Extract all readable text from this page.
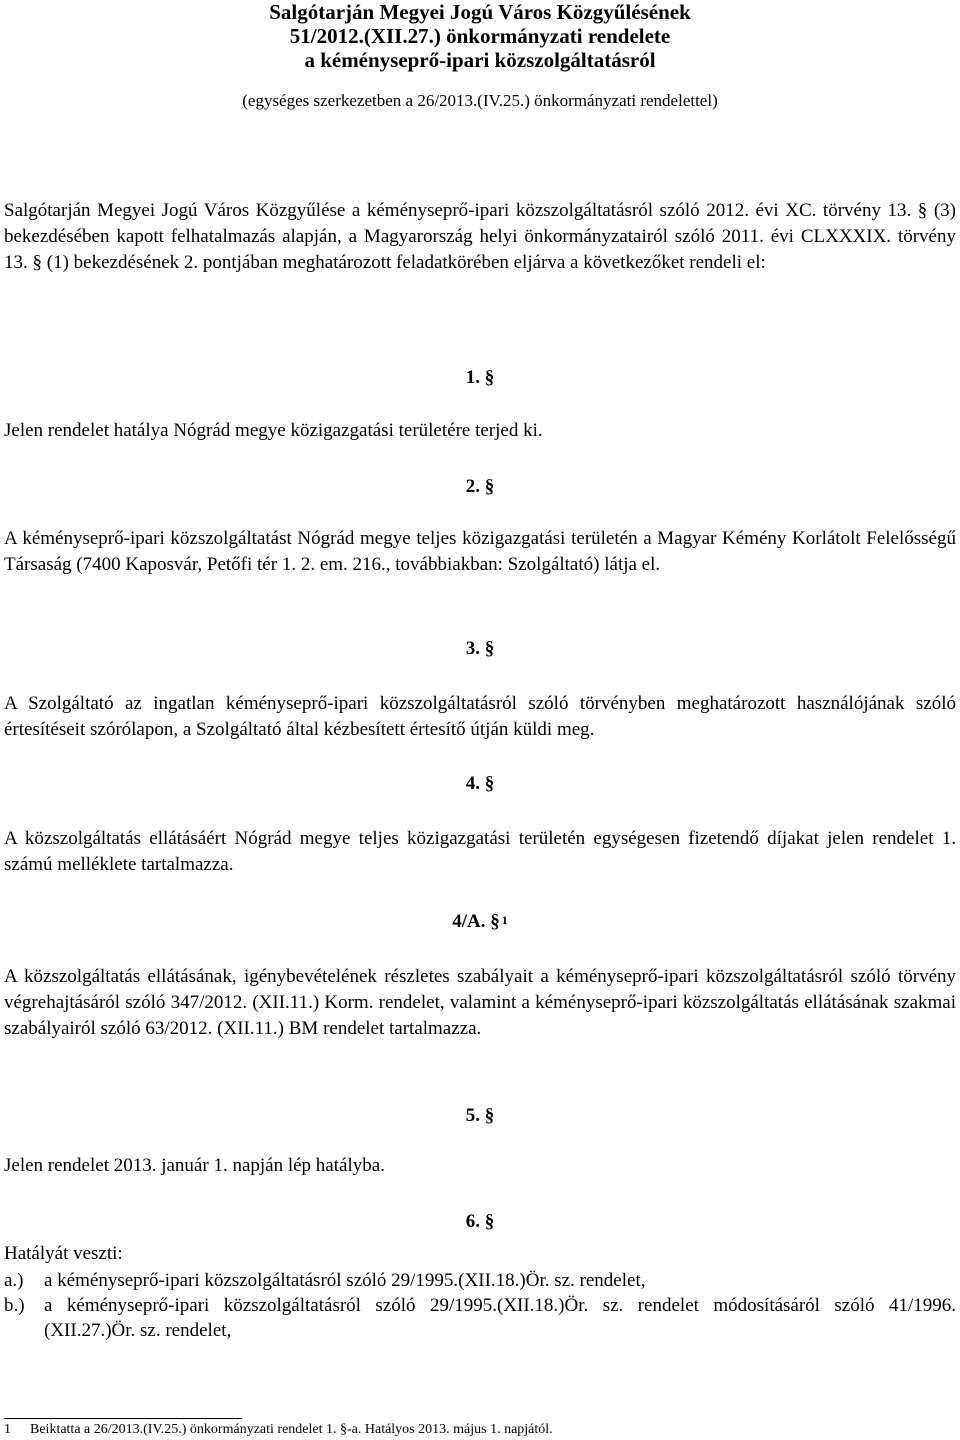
Salgótarján Megyei Jogú Város Közgyűlésének

51/2012.(XII.27.) önkormányzati rendelete

a kéményseprő-ipari közszolgáltatásról

(egységes szerkezetben a 26/2013.(IV.25.) önkormányzati rendelettel)

Salgótarján Megyei Jogú Város Közgyűlése a kéményseprő-ipari közszolgáltatásról szóló 2012. évi XC. törvény 13. § (3) bekezdésében kapott felhatalmazás alapján, a Magyarország helyi önkormányzatairól szóló 2011. évi CLXXXIX. törvény 13. § (1) bekezdésének 2. pontjában meghatározott feladatkörében eljárva a következőket rendeli el:

1. §

Jelen rendelet hatálya Nógrád megye közigazgatási területére terjed ki.

2. §

A kéményseprő-ipari közszolgáltatást Nógrád megye teljes közigazgatási területén a Magyar Kémény Korlátolt Felelősségű Társaság (7400 Kaposvár, Petőfi tér 1. 2. em. 216., továbbiakban: Szolgáltató) látja el.

3. §

A Szolgáltató az ingatlan kéményseprő-ipari közszolgáltatásról szóló törvényben meghatározott használójának szóló értesítéseit szórólapon, a Szolgáltató által kézbesített értesítő útján küldi meg.

4. §

A közszolgáltatás ellátásáért Nógrád megye teljes közigazgatási területén egységesen fizetendő díjakat jelen rendelet 1. számú melléklete tartalmazza.

4/A. § $^1$

A közszolgáltatás ellátásának, igénybevételének részletes szabályait a kéményseprő-ipari közszolgáltatásról szóló törvény végrehajtásáról szóló 347/2012. (XII.11.) Korm. rendelet, valamint a kéményseprő-ipari közszolgáltatás ellátásának szakmai szabályairól szóló 63/2012. (XII.11.) BM rendelet tartalmazza.

5. §

Jelen rendelet 2013. január 1. napján lép hatályba.

6. §

Hatályát veszti:

a.)	a kéményseprő-ipari közszolgáltatásról szóló 29/1995.(XII.18.)Ör. sz. rendelet,
b.)	a kéményseprő-ipari közszolgáltatásról szóló 29/1995.(XII.18.)Ör. sz. rendelet módosításáról szóló 41/1996.(XII.27.)Ör. sz. rendelet,
1	Beiktatta a 26/2013.(IV.25.) önkormányzati rendelet 1. §-a. Hatályos 2013. május 1. napjától.
